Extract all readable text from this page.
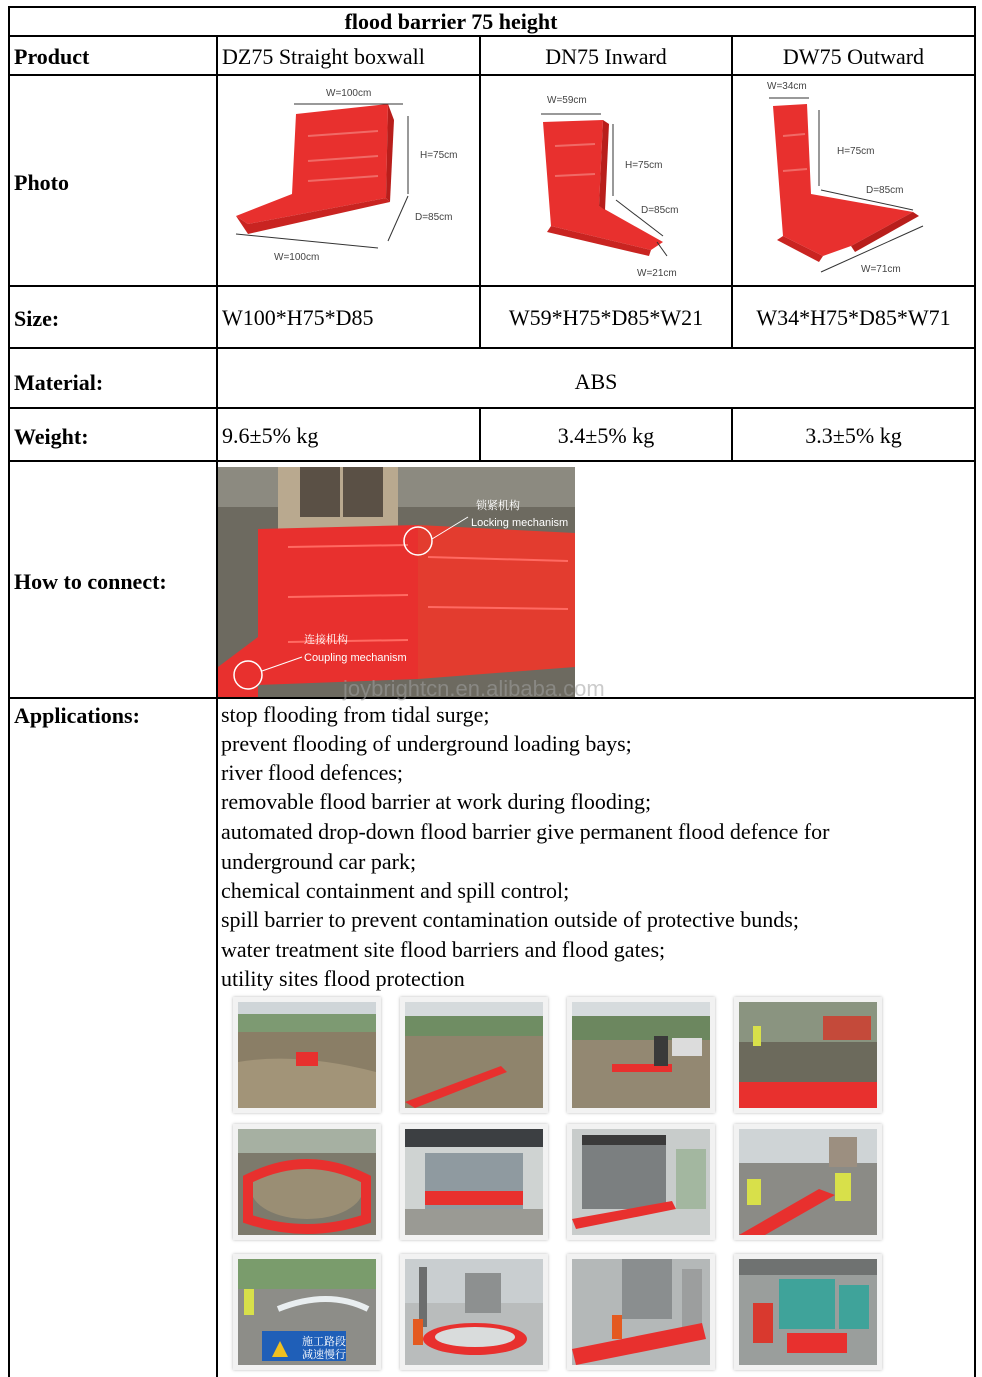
flood barrier 75 height
Product	DZ75 Straight boxwall	DN75 Inward	DW75 Outward
Photo
W=100cm
H=75cm
D=85cm
W=100cm
W=59cm
H=75cm
D=85cm
W=21cm
W=34cm
H=75cm
D=85cm
W=71cm
Size:	W100*H75*D85	W59*H75*D85*W21	W34*H75*D85*W71
Material:	ABS
Weight:	9.6±5% kg	3.4±5% kg	3.3±5% kg
How to connect:
锁紧机构
Locking mechanism
连接机构
Coupling mechanism
joybrightcn.en.alibaba.com
Applications:	stop flooding from tidal surge;
prevent flooding of underground loading bays;
river flood defences;
removable flood barrier at work during flooding;
automated drop-down flood barrier give permanent flood defence for
underground car park;
chemical containment and spill control;
spill barrier to prevent contamination outside of protective bunds;
water treatment site flood barriers and flood gates;
utility sites flood protection
施工路段
减速慢行
